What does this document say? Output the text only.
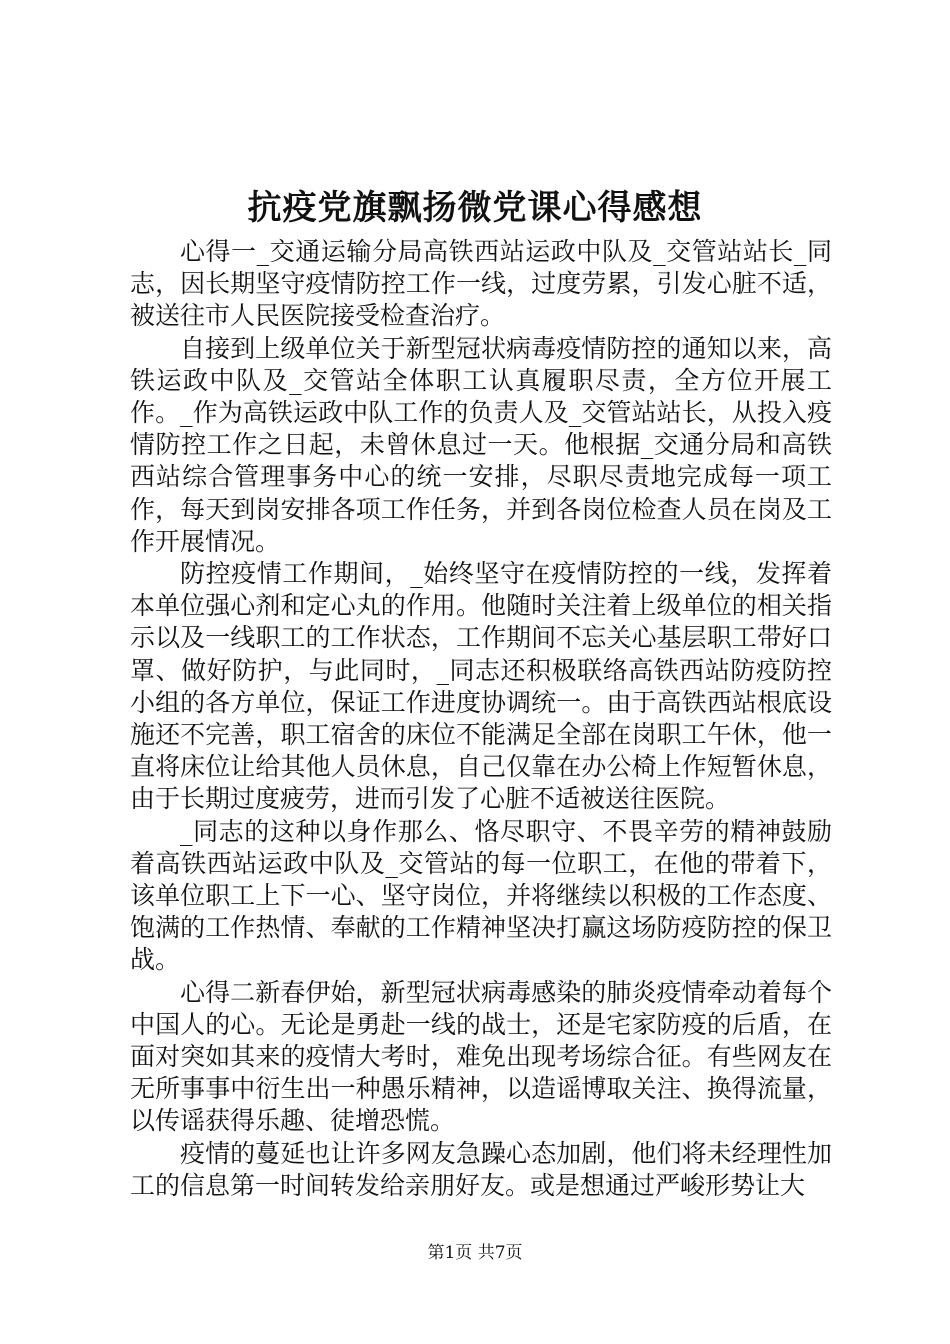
抗疫党旗飘扬微党课心得感想

心得一_交通运输分局高铁西站运政中队及_交管站站长_同志，因长期坚守疫情防控工作一线，过度劳累，引发心脏不适，被送往市人民医院接受检查治疗。

自接到上级单位关于新型冠状病毒疫情防控的通知以来，高铁运政中队及_交管站全体职工认真履职尽责，全方位开展工作。_作为高铁运政中队工作的负责人及_交管站站长，从投入疫情防控工作之日起，未曾休息过一天。他根据_交通分局和高铁西站综合管理事务中心的统一安排，尽职尽责地完成每一项工作，每天到岗安排各项工作任务，并到各岗位检查人员在岗及工作开展情况。

防控疫情工作期间，_始终坚守在疫情防控的一线，发挥着本单位强心剂和定心丸的作用。他随时关注着上级单位的相关指示以及一线职工的工作状态，工作期间不忘关心基层职工带好口罩、做好防护，与此同时，_同志还积极联络高铁西站防疫防控小组的各方单位，保证工作进度协调统一。由于高铁西站根底设施还不完善，职工宿舍的床位不能满足全部在岗职工午休，他一直将床位让给其他人员休息，自己仅靠在办公椅上作短暂休息，由于长期过度疲劳，进而引发了心脏不适被送往医院。

_同志的这种以身作那么、恪尽职守、不畏辛劳的精神鼓励着高铁西站运政中队及_交管站的每一位职工，在他的带着下，该单位职工上下一心、坚守岗位，并将继续以积极的工作态度、饱满的工作热情、奉献的工作精神坚决打赢这场防疫防控的保卫战。

心得二新春伊始，新型冠状病毒感染的肺炎疫情牵动着每个中国人的心。无论是勇赴一线的战士，还是宅家防疫的后盾，在面对突如其来的疫情大考时，难免出现考场综合征。有些网友在无所事事中衍生出一种愚乐精神，以造谣博取关注、换得流量，以传谣获得乐趣、徒增恐慌。

疫情的蔓延也让许多网友急躁心态加剧，他们将未经理性加工的信息第一时间转发给亲朋好友。或是想通过严峻形势让大

第1页 共7页
